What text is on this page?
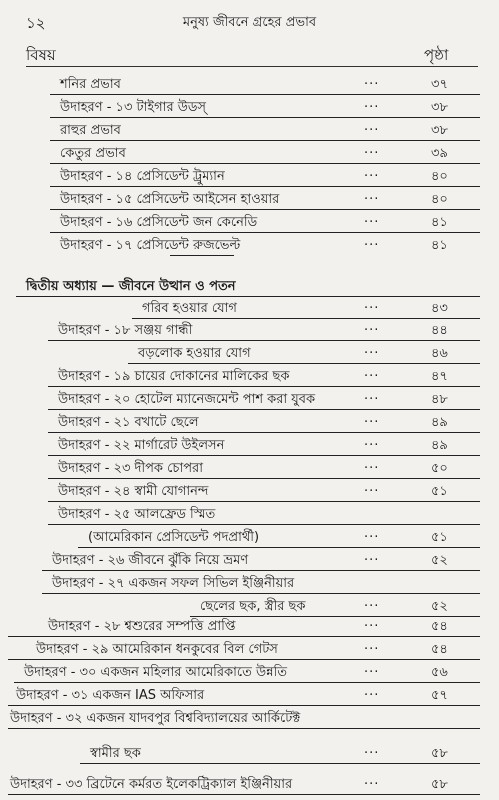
১২	মনুষ্য জীবনে গ্রহের প্রভাব
বিষয়	পৃষ্ঠা
শনির প্রভাব	...	৩৭
উদাহরণ - ১৩ টাইগার উডস্‌	...	৩৮
রাহুর প্রভাব	...	৩৮
কেতুর প্রভাব	...	৩৯
উদাহরণ - ১৪ প্রেসিডেন্ট ট্রুম্যান	...	৪০
উদাহরণ - ১৫ প্রেসিডেন্ট আইসেন হাওয়ার	...	৪০
উদাহরণ - ১৬ প্রেসিডেন্ট জন কেনেডি	...	৪১
উদাহরণ - ১৭ প্রেসিডেন্ট রুজভেল্ট	...	৪১
দ্বিতীয় অধ্যায় — জীবনে উত্থান ও পতন
গরিব হওয়ার যোগ	...	৪৩
উদাহরণ - ১৮ সঞ্জয় গান্ধী	...	৪৪
বড়লোক হওয়ার যোগ	...	৪৬
উদাহরণ - ১৯ চায়ের দোকানের মালিকের ছক	...	৪৭
উদাহরণ - ২০ হোটেল ম্যানেজমেন্ট পাশ করা যুবক	...	৪৮
উদাহরণ - ২১ বখাটে ছেলে	...	৪৯
উদাহরণ - ২২ মার্গারেট উইলসন	...	৪৯
উদাহরণ - ২৩ দীপক চোপরা	...	৫০
উদাহরণ - ২৪ স্বামী যোগানন্দ	...	৫১
উদাহরণ - ২৫ আলফ্রেড স্মিত
(আমেরিকান প্রেসিডেন্ট পদপ্রার্থী)	...	৫১
উদাহরণ - ২৬ জীবনে ঝুঁকি নিয়ে ভ্রমণ	...	৫২
উদাহরণ - ২৭ একজন সফল সিভিল ইঞ্জিনীয়ার
ছেলের ছক, স্ত্রীর ছক	...	৫২
উদাহরণ - ২৮ শ্বশুরের সম্পত্তি প্রাপ্তি	...	৫৪
উদাহরণ - ২৯ আমেরিকান ধনকুবের বিল গেটস	...	৫৪
উদাহরণ - ৩০ একজন মহিলার আমেরিকাতে উন্নতি	...	৫৬
উদাহরণ - ৩১ একজন IAS অফিসার	...	৫৭
উদাহরণ - ৩২ একজন যাদবপুর বিশ্ববিদ্যালয়ের আর্কিটেক্ট
স্বামীর ছক	...	৫৮
উদাহরণ - ৩৩ ব্রিটেনে কর্মরত ইলেকট্রিক্যাল ইঞ্জিনীয়ার	...	৫৮
